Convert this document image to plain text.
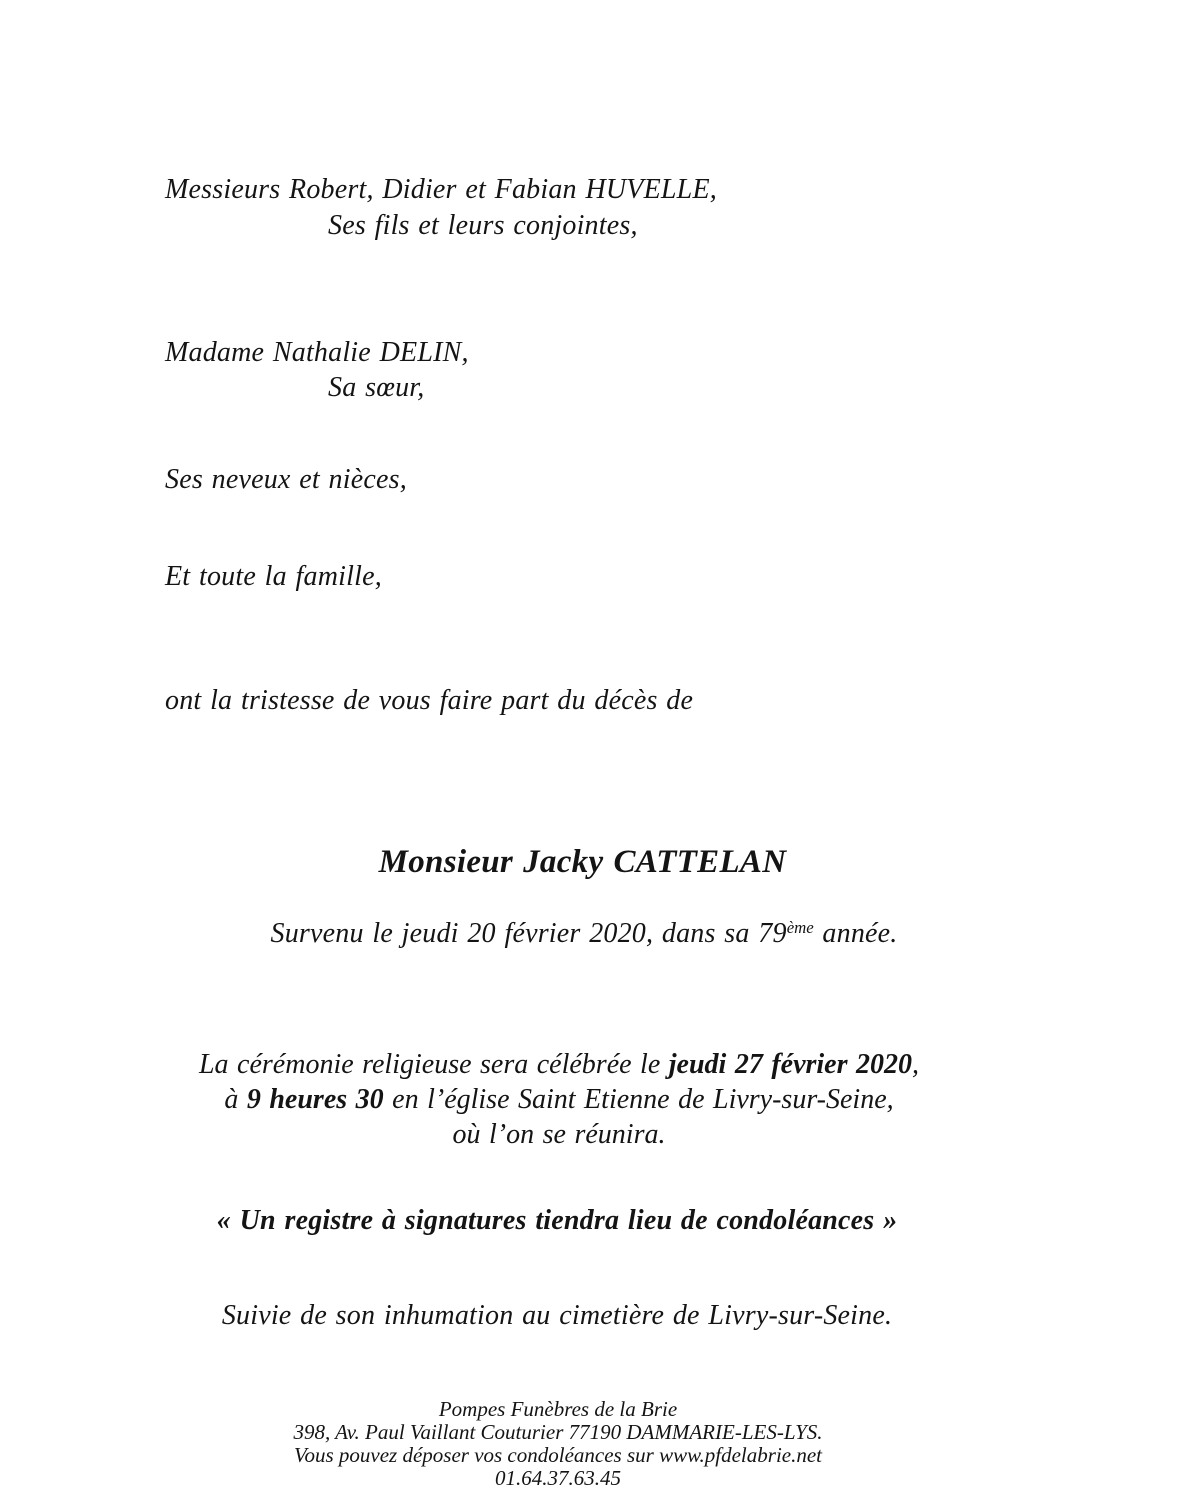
Messieurs Robert, Didier et Fabian HUVELLE,
Ses fils et leurs conjointes,
Madame Nathalie DELIN,
Sa sœur,
Ses neveux et nièces,
Et toute la famille,
ont la tristesse de vous faire part du décès de
Monsieur Jacky CATTELAN
Survenu le jeudi 20 février 2020, dans sa 79ème année.
La cérémonie religieuse sera célébrée le jeudi 27 février 2020,
à 9 heures 30 en l’église Saint Etienne de Livry-sur-Seine,
où l’on se réunira.
« Un registre à signatures tiendra lieu de condoléances »
Suivie de son inhumation au cimetière de Livry-sur-Seine.
Pompes Funèbres de la Brie
398, Av. Paul Vaillant Couturier 77190 DAMMARIE-LES-LYS.
Vous pouvez déposer vos condoléances sur www.pfdelabrie.net
01.64.37.63.45
